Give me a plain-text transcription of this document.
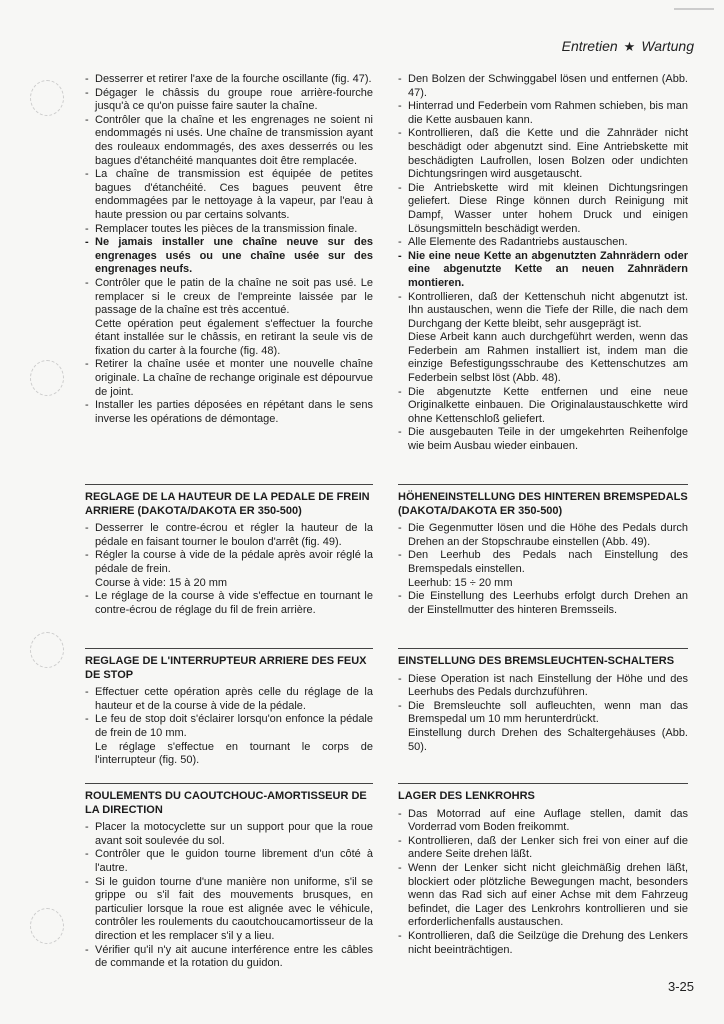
Entretien ★ Wartung
- Desserrer et retirer l'axe de la fourche oscillante (fig. 47).
- Dégager le châssis du groupe roue arrière-fourche jusqu'à ce qu'on puisse faire sauter la chaîne.
- Contrôler que la chaîne et les engrenages ne soient ni endommagés ni usés. Une chaîne de transmission ayant des rouleaux endommagés, des axes desserrés ou les bagues d'étanchéité manquantes doit être remplacée.
- La chaîne de transmission est équipée de petites bagues d'étanchéité. Ces bagues peuvent être endommagées par le nettoyage à la vapeur, par l'eau à haute pression ou par certains solvants.
- Remplacer toutes les pièces de la transmission finale.
- Ne jamais installer une chaîne neuve sur des engrenages usés ou une chaîne usée sur des engrenages neufs.
- Contrôler que le patin de la chaîne ne soit pas usé. Le remplacer si le creux de l'empreinte laissée par le passage de la chaîne est très accentué.
Cette opération peut également s'effectuer la fourche étant installée sur le châssis, en retirant la seule vis de fixation du carter à la fourche (fig. 48).
- Retirer la chaîne usée et monter une nouvelle chaîne originale. La chaîne de rechange originale est dépourvue de joint.
- Installer les parties déposées en répétant dans le sens inverse les opérations de démontage.
REGLAGE DE LA HAUTEUR DE LA PEDALE DE FREIN ARRIERE (DAKOTA/DAKOTA ER 350-500)
- Desserrer le contre-écrou et régler la hauteur de la pédale en faisant tourner le boulon d'arrêt (fig. 49).
- Régler la course à vide de la pédale après avoir réglé la pédale de frein.
Course à vide: 15 à 20 mm
- Le réglage de la course à vide s'effectue en tournant le contre-écrou de réglage du fil de frein arrière.
REGLAGE DE L'INTERRUPTEUR ARRIERE DES FEUX DE STOP
- Effectuer cette opération après celle du réglage de la hauteur et de la course à vide de la pédale.
- Le feu de stop doit s'éclairer lorsqu'on enfonce la pédale de frein de 10 mm.
Le réglage s'effectue en tournant le corps de l'interrupteur (fig. 50).
ROULEMENTS DU CAOUTCHOUC-AMORTISSEUR DE LA DIRECTION
- Placer la motocyclette sur un support pour que la roue avant soit soulevée du sol.
- Contrôler que le guidon tourne librement d'un côté à l'autre.
- Si le guidon tourne d'une manière non uniforme, s'il se grippe ou s'il fait des mouvements brusques, en particulier lorsque la roue est alignée avec le véhicule, contrôler les roulements du caoutchoucamortisseur de la direction et les remplacer s'il y a lieu.
- Vérifier qu'il n'y ait aucune interférence entre les câbles de commande et la rotation du guidon.
- Den Bolzen der Schwinggabel lösen und entfernen (Abb. 47).
- Hinterrad und Federbein vom Rahmen schieben, bis man die Kette ausbauen kann.
- Kontrollieren, daß die Kette und die Zahnräder nicht beschädigt oder abgenutzt sind. Eine Antriebskette mit beschädigten Laufrollen, losen Bolzen oder undichten Dichtungsringen wird ausgetauscht.
- Die Antriebskette wird mit kleinen Dichtungsringen geliefert. Diese Ringe können durch Reinigung mit Dampf, Wasser unter hohem Druck und einigen Lösungsmitteln beschädigt werden.
- Alle Elemente des Radantriebs austauschen.
- Nie eine neue Kette an abgenutzten Zahnrädern oder eine abgenutzte Kette an neuen Zahnrädern montieren.
- Kontrollieren, daß der Kettenschuh nicht abgenutzt ist. Ihn austauschen, wenn die Tiefe der Rille, die nach dem Durchgang der Kette bleibt, sehr ausgeprägt ist.
Diese Arbeit kann auch durchgeführt werden, wenn das Federbein am Rahmen installiert ist, indem man die einzige Befestigungsschraube des Kettenschutzes am Federbein selbst löst (Abb. 48).
- Die abgenutzte Kette entfernen und eine neue Originalkette einbauen. Die Originalaustauschkette wird ohne Kettenschloß geliefert.
- Die ausgebauten Teile in der umgekehrten Reihenfolge wie beim Ausbau wieder einbauen.
HÖHENEINSTELLUNG DES HINTEREN BREMSPEDALS (DAKOTA/DAKOTA ER 350-500)
- Die Gegenmutter lösen und die Höhe des Pedals durch Drehen an der Stopschraube einstellen (Abb. 49).
- Den Leerhub des Pedals nach Einstellung des Bremspedals einstellen.
Leerhub: 15 ÷ 20 mm
- Die Einstellung des Leerhubs erfolgt durch Drehen an der Einstellmutter des hinteren Bremsseils.
EINSTELLUNG DES BREMSLEUCHTEN-SCHALTERS
- Diese Operation ist nach Einstellung der Höhe und des Leerhubs des Pedals durchzuführen.
- Die Bremsleuchte soll aufleuchten, wenn man das Bremspedal um 10 mm herunterdrückt.
Einstellung durch Drehen des Schaltergehäuses (Abb. 50).
LAGER DES LENKROHRS
- Das Motorrad auf eine Auflage stellen, damit das Vorderrad vom Boden freikommt.
- Kontrollieren, daß der Lenker sich frei von einer auf die andere Seite drehen läßt.
- Wenn der Lenker sicht nicht gleichmäßig drehen läßt, blockiert oder plötzliche Bewegungen macht, besonders wenn das Rad sich auf einer Achse mit dem Fahrzeug befindet, die Lager des Lenkrohrs kontrollieren und sie erforderlichenfalls austauschen.
- Kontrollieren, daß die Seilzüge die Drehung des Lenkers nicht beeinträchtigen.
3-25
